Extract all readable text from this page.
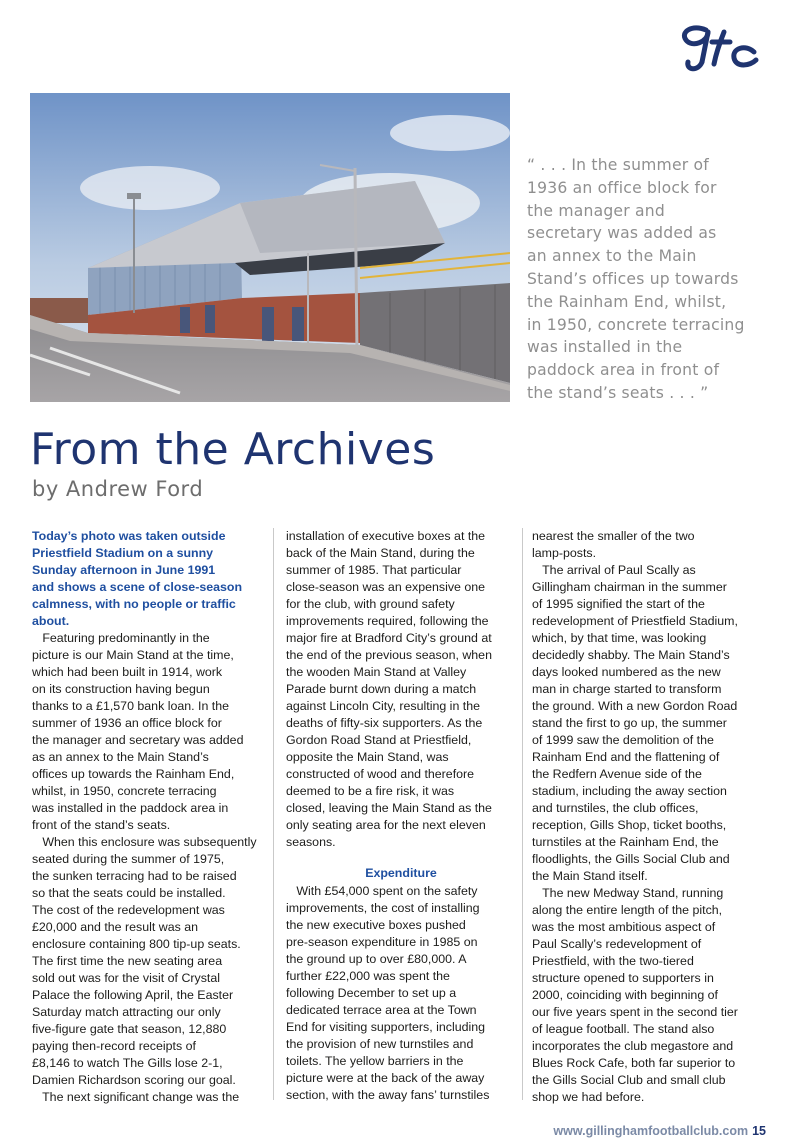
“ . . . In the summer of

1936 an office block for

the manager and

secretary was added as

an annex to the Main

Stand’s offices up towards

the Rainham End, whilst,

in 1950, concrete terracing

was installed in the

paddock area in front of

the stand’s seats . . . ”

From the Archives
by Andrew Ford

Today’s photo was taken outside

Priestfield Stadium on a sunny

Sunday afternoon in June 1991

and shows a scene of close-season

calmness, with no people or traffic

about.

Featuring predominantly in the

picture is our Main Stand at the time,

which had been built in 1914, work

on its construction having begun

thanks to a £1,570 bank loan. In the

summer of 1936 an office block for

the manager and secretary was added

as an annex to the Main Stand’s

offices up towards the Rainham End,

whilst, in 1950, concrete terracing

was installed in the paddock area in

front of the stand’s seats.

When this enclosure was subsequently

seated during the summer of 1975,

the sunken terracing had to be raised

so that the seats could be installed.

The cost of the redevelopment was

£20,000 and the result was an

enclosure containing 800 tip-up seats.

The first time the new seating area

sold out was for the visit of Crystal

Palace the following April, the Easter

Saturday match attracting our only

five-figure gate that season, 12,880

paying then-record receipts of

£8,146 to watch The Gills lose 2-1,

Damien Richardson scoring our goal.

The next significant change was the

installation of executive boxes at the

back of the Main Stand, during the

summer of 1985. That particular

close-season was an expensive one

for the club, with ground safety

improvements required, following the

major fire at Bradford City’s ground at

the end of the previous season, when

the wooden Main Stand at Valley

Parade burnt down during a match

against Lincoln City, resulting in the

deaths of fifty-six supporters. As the

Gordon Road Stand at Priestfield,

opposite the Main Stand, was

constructed of wood and therefore

deemed to be a fire risk, it was

closed, leaving the Main Stand as the

only seating area for the next eleven

seasons.

Expenditure

With £54,000 spent on the safety

improvements, the cost of installing

the new executive boxes pushed

pre-season expenditure in 1985 on

the ground up to over £80,000. A

further £22,000 was spent the

following December to set up a

dedicated terrace area at the Town

End for visiting supporters, including

the provision of new turnstiles and

toilets. The yellow barriers in the

picture were at the back of the away

section, with the away fans’ turnstiles

nearest the smaller of the two

lamp-posts.

The arrival of Paul Scally as

Gillingham chairman in the summer

of 1995 signified the start of the

redevelopment of Priestfield Stadium,

which, by that time, was looking

decidedly shabby. The Main Stand’s

days looked numbered as the new

man in charge started to transform

the ground. With a new Gordon Road

stand the first to go up, the summer

of 1999 saw the demolition of the

Rainham End and the flattening of

the Redfern Avenue side of the

stadium, including the away section

and turnstiles, the club offices,

reception, Gills Shop, ticket booths,

turnstiles at the Rainham End, the

floodlights, the Gills Social Club and

the Main Stand itself.

The new Medway Stand, running

along the entire length of the pitch,

was the most ambitious aspect of

Paul Scally’s redevelopment of

Priestfield, with the two-tiered

structure opened to supporters in

2000, coinciding with beginning of

our five years spent in the second tier

of league football. The stand also

incorporates the club megastore and

Blues Rock Cafe, both far superior to

the Gills Social Club and small club

shop we had before.

www.gillinghamfootballclub.com 15
